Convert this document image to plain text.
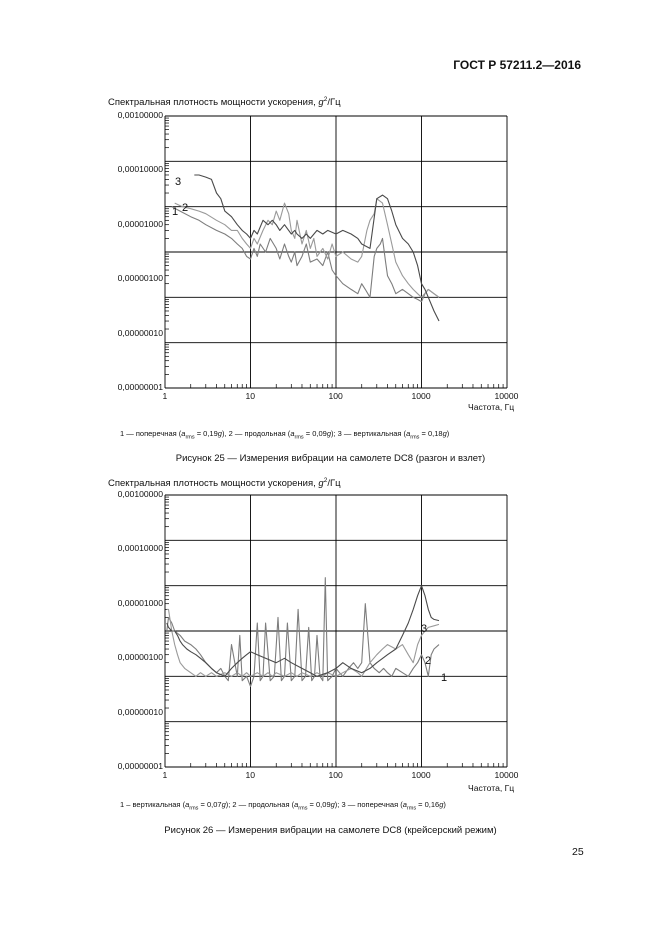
ГОСТ Р 57211.2—2016
Спектральная плотность мощности ускорения, $g^2/Гц$
1 2
3
0,00100000
0,00010000
0,00001000
0,00000100
0,00000010
0,00000001
1	10	100	1000	10000
Частота, Гц
1 — поперечная $(a_{rms} = 0,19g)$, 2 — продольная $(a_{rms} = 0,09g)$; 3 — вертикальная $(a_{rms} = 0,18g)$
Рисунок 25 — Измерения вибрации на самолете DC8 (разгон и взлет)
Спектральная плотность мощности ускорения, $g^2/Гц$
3
2
1
0,00100000
0,00010000
0,00001000
0,00000100
0,00000010
0,00000001
1	10	100	1000	10000
Частота, Гц
1 – вертикальная $(a_{rms} = 0,07g)$; 2 — продольная $(a_{rms} = 0,09g)$; 3 — поперечная $(a_{rms} = 0,16g)$
Рисунок 26 — Измерения вибрации на самолете DC8 (крейсерский режим)
25
